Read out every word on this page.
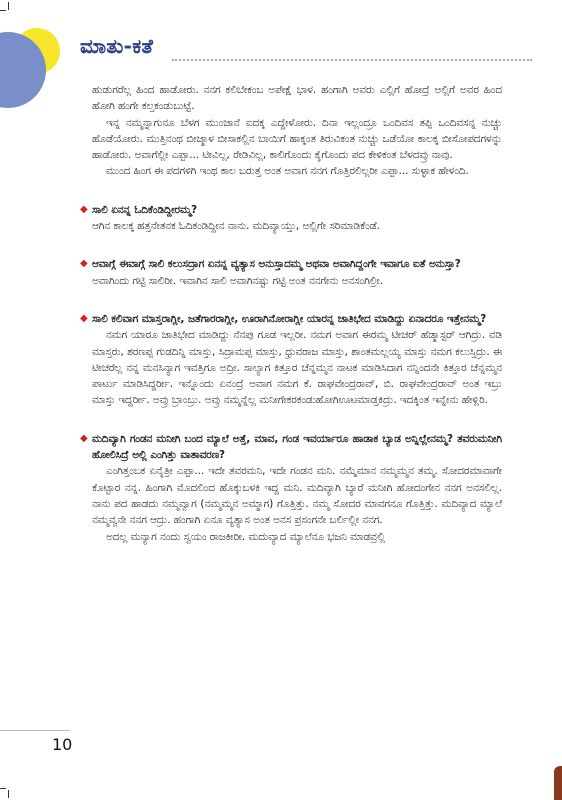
ಮಾತು-ಕತೆ

ಹುಡುಗರೆಲ್ಲ ಹಿಂದ ಹಾಡೋರು. ನನಗ ಕಲಿಬೇಕಂಬ ಅಪೇಕ್ಷೆ ಭಾಳ. ಹಂಗಾಗಿ ಅವರು ಎಲ್ಲಿಗೆ ಹೋದ್ರೆ ಅಲ್ಲಿಗೆ ಅವರ ಹಿಂದ ಹೋಗಿ ಹಂಗೇ ಕಲ್ತಕಂಡುಬುಟ್ಟೆ.

ಇನ್ನ ನಮ್ಮನ್ನಾಗುನೂ ಬೆಳಗ ಮುಂಜಾನೆ ಐದಕ್ಕ ಎದ್ದೇಳೋರು. ದಿನಾ ಇಲ್ಲಂದ್ರೂ ಒಂದಿವಸ ತಪ್ಪಿ ಒಂದಿವಸನ್ನ ನುಚ್ಚು ಹೊಡೆಯೋರು. ಮುತ್ತಿನಂಥ ಬೀಜ್ಮಾಳ ಬೀಸಾಕಲ್ಲಿನ ಬಾಯಿಗೆ ಹಾಕ್ಕಂತ ತಿರುವಿಕಂತ ನುಚ್ಚು ಒಡೆಯೋ ಕಾಲಕ್ಕ ಬೀಸೋಪದಗಳನ್ನು ಹಾಡೋರು. ಅವಾಗೆಲ್ಲೀ ಎಪ್ಪಾ... ಟೀವಿಲ್ಲ, ರೇಡಿವಿಲ್ಲ, ಕಾಲಿಗೊಂದು ಕೈಗೊಂದು ಪದ ಕೇಳಿಕಂತ ಬೆಳದವ್ರು ನಾವು.

ಮುಂದ ಹಿಂಗ ಈ ಪದಗಳಿಗಿ ಇಂಥ ಕಾಲ ಬರುತ್ತ ಅಂತ ಅವಾಗ ನನಗ ಗೊತ್ತಿರಲಿಲ್ಲರೀ ಎಪ್ಪಾ... ಸುಳ್ಳಾಕ ಹೇಳಂದಿ.

◆ ಸಾಲಿ ಏನನ್ನ ಓದಿಕೆಂಡಿದ್ದೀರಮ್ಮ?

ಆಗಿನ ಕಾಲಕ್ಕ ಹತ್ತನೇತನಕ ಓದಿಕಂಡಿದ್ದೀನ ನಾನು. ಮದಿವ್ಯಾಯ್ತು, ಅಲ್ಲಿಗೇ ಸರಿಮಾಡಿಕೆಂಡೆ.

◆ ಆವಾಗ್ಗೆ ಈವಾಗ್ಗೆ ಸಾಲಿ ಕಲುಸದ್ರಾಗ ಏನನ್ನ ವ್ಯತ್ಯಾಸ ಅನುಸ್ತಾದಮ್ಮ ಅಥವಾ ಅವಾಗಿದ್ದಂಗೇ ಇವಾಗೂ ಐತೆ ಅನುಸ್ತಾ?

ಅವಾಗಿಂದು ಗಟ್ಟಿ ಸಾಲಿರೀ. ಇವಾಗಿನ ಸಾಲಿ ಅವಾಗಿನಷ್ಟು ಗಟ್ಟಿ ಅಂತ ನನಗೇನು ಅನಸಂಗಿಲ್ರೀ.

◆ ಸಾಲಿ ಕಲಿವಾಗ ಮಾಸ್ತರಾಗ್ಲೀ, ಜತೆಗಾರರಾಗ್ಲೀ, ಊರಾಗಿನೋರಾಗ್ಲೀ ಯಾರನ್ನ ಜಾತಿಭೇದ ಮಾಡಿದ್ದು ಏನಾದರೂ ಇತ್ತೇನಮ್ಮ?

ನಮಗ ಯಾರೂ ಜಾತಿಭೇದ ಮಾಡಿದ್ದು ನೆನಪು ಗೂಡ ಇಲ್ಲರೀ. ನಮಗ ಅವಾಗ ಈರಮ್ಮ ಟೀಚರ್ ಹೆಡ್ಮಾಸ್ಟರ್ ಆಗಿದ್ರು. ವಡಿ ಮಾಸ್ತರು, ಶರಣಪ್ಪ ಗುಡದಿನ್ನಿ ಮಾಸ್ತು, ಸಿದ್ರಾಮಪ್ಪ ಮಾಸ್ತು, ಧ್ರುವರಾಜ ಮಾಸ್ತು, ಶಾಂತಮಲ್ಲಯ್ಯ ಮಾಸ್ತು ನಮಗ ಕಲುಸ್ತಿದ್ರು. ಈ ಟೀಚರೆಲ್ಲ ನನ್ನ ಮನಸಿನ್ಯಾಗ ಇವತ್ತಿಗೂ ಅದ್ರೀ. ಸಾಲ್ಯಾಗ ಕಿತ್ತೂರ ಚೆನ್ನಮ್ಮನ ನಾಟಕ ಮಾಡಿಸಿದಾಗ ನನ್ನಿಂದನೇ ಕಿತ್ತೂರ ಚೆನ್ನಮ್ಮನ ಪಾರ್ಟು ಮಾಡಿಸಿದ್ದರ್ರೀ. ಇನ್ನೊಂದು ಏನಂದ್ರೆ ಅವಾಗ ನಮಗ ಕೆ. ರಾಘವೇಂದ್ರರಾವ್, ಬಿ. ರಾಘವೇಂದ್ರರಾವ್ ಅಂತ ಇಬ್ರು ಮಾಸ್ತು ಇದ್ದರ್ರೀ. ಅವ್ರು ಬ್ರಾಂಬ್ರು. ಅವ್ರು ನಮ್ಮನ್ನೆಲ್ಲ ಮನೀಗೇಕರಕಂಡುಹೋಗಿಊಟಮಾಡ್ತಕಿದ್ರು. ಇದಕ್ಕಿಂತ ಇನ್ನೇನು ಹೇಳ್ಲಿರಿ.

◆ ಮದಿವ್ಯಾಗಿ ಗಂಡನ ಮನೀಗಿ ಬಂದ ಮ್ಯಾಲೆ ಅತ್ತೆ, ಮಾವ, ಗಂಡ ಇವರ್ಯಾರೂ ಹಾಡಾಕ ಬ್ಯಾಡ ಅನ್ನಿಲ್ಲೇನಮ್ಮ? ತವರುಮನೀಗಿ ಹೋಲಿಸಿದ್ರೆ ಅಲ್ಲಿ ಎಂಗಿತ್ತು ವಾತಾವರಣ?

ಎಂಗಿತ್ತಂಬಕ ಏನೈತ್ರೀ ಎಪ್ಪಾ... ಇದೇ ತವರಮನಿ, ಇದೇ ಗಂಡನ ಮನಿ. ನಮ್ಮೆಮಾನ ನಮ್ಮಮ್ಮನ ತಮ್ಮ. ಸೋದರಮಾವಾಗೇ ಕೊಟ್ಟಾರ ನನ್ನ. ಹಿಂಗಾಗಿ ಮೊದಲಿಂದ ಹೊಕ್ಕುಬಳಕಿ ಇದ್ದ ಮನಿ. ಮದಿವ್ಯಾಗಿ ಬ್ಯಾರೆ ಮನೀಗಿ ಹೋದಂಗೇನ ನನಗ ಅನಸಲಿಲ್ಲ. ನಾನು ಪದ ಹಾಡದು ನಮ್ಮವ್ವಾಗ (ನಮ್ಮಮ್ಮನ ಅಮ್ಮಾಗ) ಗೊತ್ತಿತ್ತು. ನಮ್ಮ ಸೋದರ ಮಾವಗನೂ ಗೊತ್ತಿತ್ತು. ಮದಿವ್ಯಾದ ಮ್ಯಾಲೆ ನಮ್ಮವ್ವನೇ ನನಗ ಆದ್ರು. ಹಂಗಾಗಿ ಏನೂ ವ್ಯತ್ಯಾಸ ಅಂತ ಅನಸ ಪ್ರಸಂಗನೇ ಬರ್ಲಿಲ್ಲೀ ನನಗ.

ಅದಲ್ಲ ಮನ್ಯಾಗ ನಂದು ಸ್ವಯಂ ರಾಜಕೀರೀ. ಮದುವ್ಯಾದ ಮ್ಯಾಲೆನೂ ಭಜನಿ ಮಾಡವ್ರಲ್ಲಿ

10
